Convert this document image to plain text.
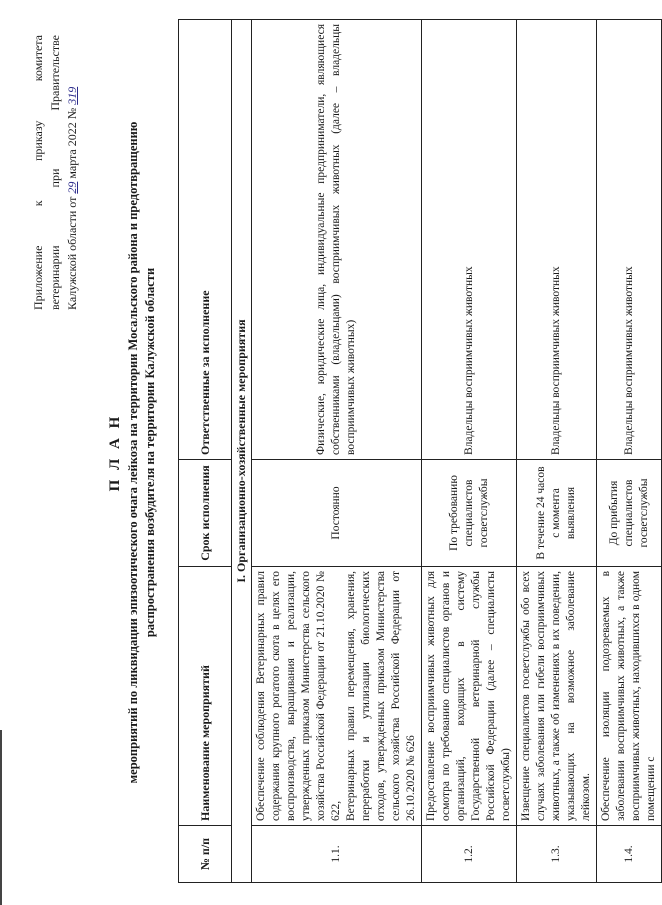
Приложение к приказу комитета ветеринарии при Правительстве Калужской области от 29 марта 2022 № 319
П Л А Н мероприятий по ликвидации эпизоотического очага лейкоза на территории Мосальского района и предотвращению распространения возбудителя на территории Калужской области
№ п/п	Наименование мероприятий	Срок исполнения	Ответственные за исполнение
I. Организационно-хозяйственные мероприятия			
1.1.	Обеспечение соблюдения Ветеринарных правил содержания крупного рогатого скота в целях его воспроизводства, выращивания и реализации, утвержденных приказом Министерства сельского хозяйства Российской Федерации от 21.10.2020 № 622, Ветеринарных правил перемещения, хранения, переработки и утилизации биологических отходов, утвержденных приказом Министерства сельского хозяйства Российской Федерации от 26.10.2020 № 626	Постоянно	Физические, юридические лица, индивидуальные предприниматели, являющиеся собственниками (владельцами) восприимчивых животных (далее – владельцы восприимчивых животных)
1.2.	Предоставление восприимчивых животных для осмотра по требованию специалистов органов и организаций, входящих в систему Государственной ветеринарной службы Российской Федерации (далее – специалисты госветслужбы)	По требованию специалистов госветслужбы	Владельцы восприимчивых животных
1.3.	Извещение специалистов госветслужбы обо всех случаях заболевания или гибели восприимчивых животных, а также об изменениях в их поведении, указывающих на возможное заболевание лейкозом.	В течение 24 часов с момента выявления	Владельцы восприимчивых животных
1.4.	Обеспечение изоляции подозреваемых в заболевании восприимчивых животных, а также восприимчивых животных, находившихся в одном помещении с	До прибытия специалистов госветслужбы	Владельцы восприимчивых животных
